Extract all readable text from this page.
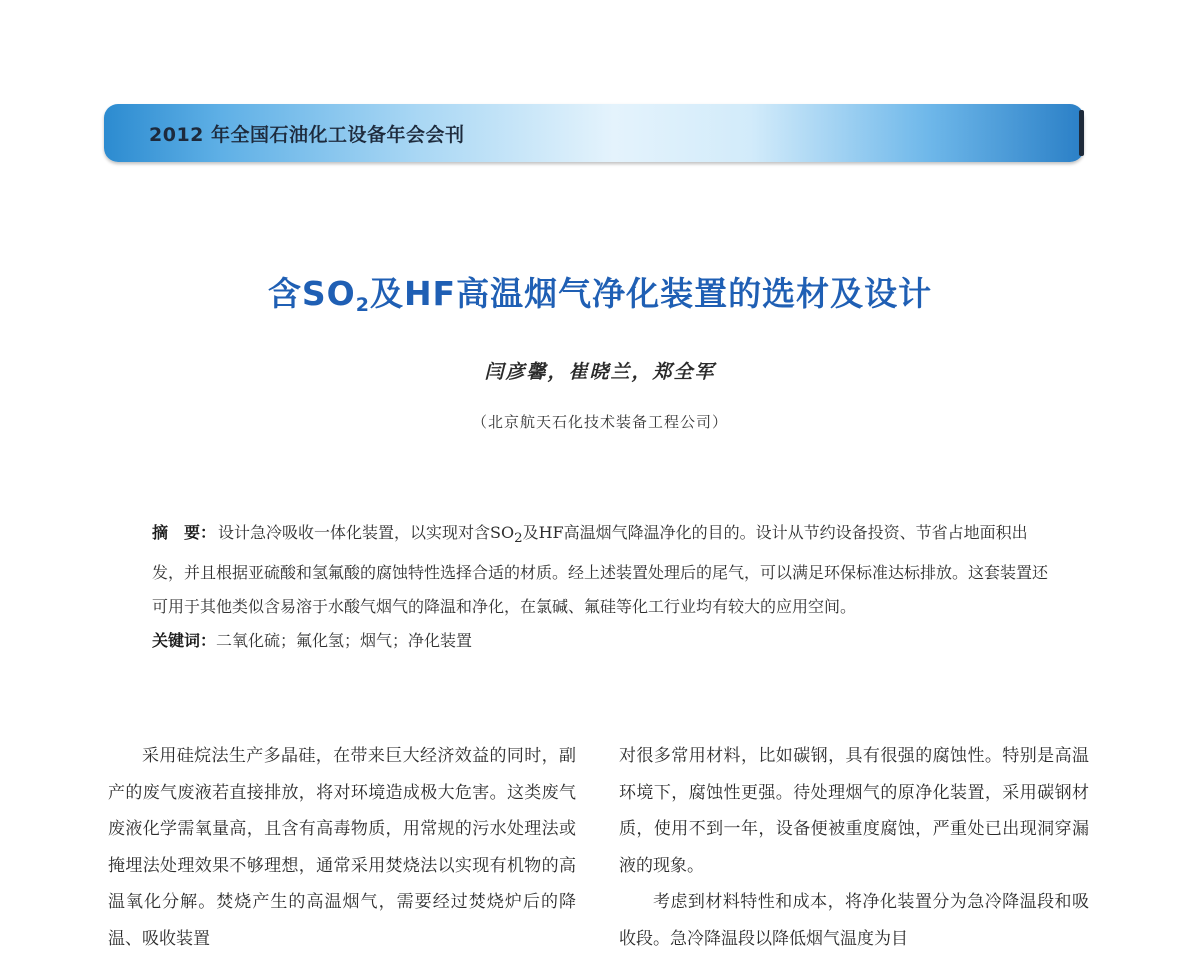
2012 年全国石油化工设备年会会刊
含$SO_2$及HF高温烟气净化装置的选材及设计
闫彦馨，崔晓兰，郑全军
（北京航天石化技术装备工程公司）

摘　要： 设计急冷吸收一体化装置，以实现对含$SO_2$及HF高温烟气降温净化的目的。设计从节约设备投资、节省占地面积出发，并且根据亚硫酸和氢氟酸的腐蚀特性选择合适的材质。经上述装置处理后的尾气，可以满足环保标准达标排放。这套装置还可用于其他类似含易溶于水酸气烟气的降温和净化，在氯碱、氟硅等化工行业均有较大的应用空间。

关键词：二氧化硫；氟化氢；烟气；净化装置

采用硅烷法生产多晶硅，在带来巨大经济效益的同时，副产的废气废液若直接排放，将对环境造成极大危害。这类废气废液化学需氧量高，且含有高毒物质，用常规的污水处理法或掩埋法处理效果不够理想，通常采用焚烧法以实现有机物的高温氧化分解。焚烧产生的高温烟气，需要经过焚烧炉后的降温、吸收装置

对很多常用材料，比如碳钢，具有很强的腐蚀性。特别是高温环境下，腐蚀性更强。待处理烟气的原净化装置，采用碳钢材质，使用不到一年，设备便被重度腐蚀，严重处已出现洞穿漏液的现象。

考虑到材料特性和成本，将净化装置分为急冷降温段和吸收段。急冷降温段以降低烟气温度为目
